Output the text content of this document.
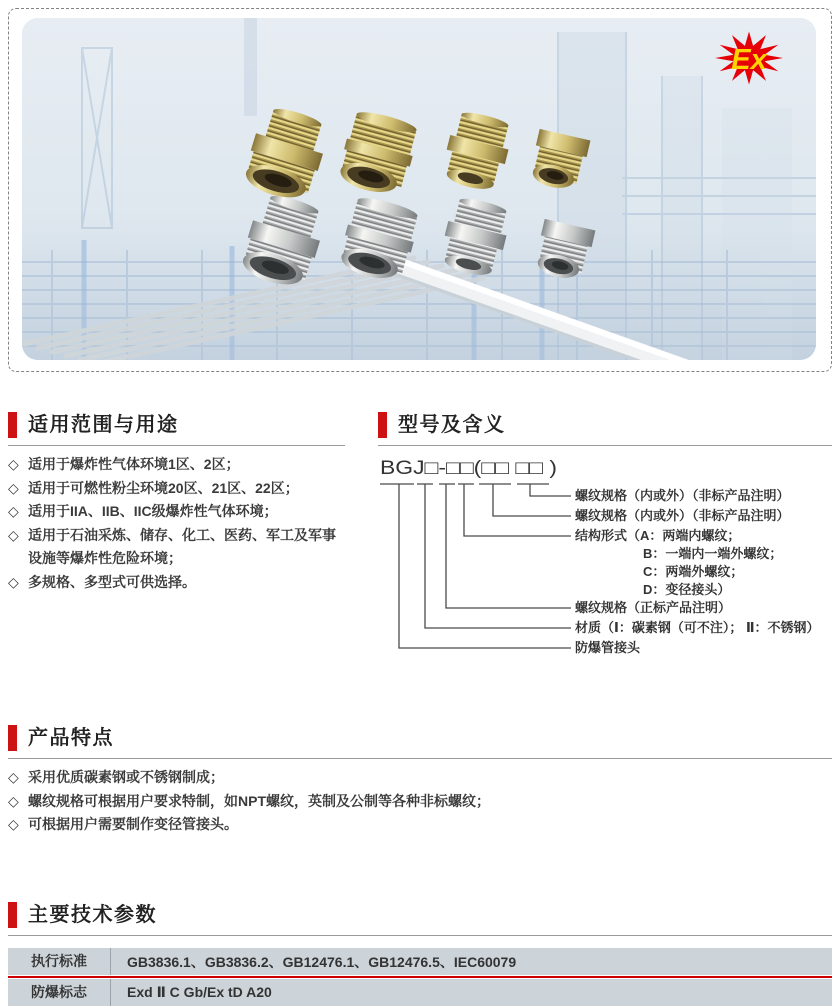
Ex
适用范围与用途
◇ 适用于爆炸性气体环境1区、2区；
◇ 适用于可燃性粉尘环境20区、21区、22区；
◇ 适用于IIA、IIB、IIC级爆炸性气体环境；
◇ 适用于石油采炼、储存、化工、医药、军工及军事
设施等爆炸性危险环境；
◇ 多规格、多型式可供选择。
型号及含义
BGJ□-□□(□□ □□ )
螺纹规格（内或外）（非标产品注明）
螺纹规格（内或外）（非标产品注明）
结构形式（A：两端内螺纹；
B：一端内一端外螺纹；
C：两端外螺纹；
D：变径接头）
螺纹规格（正标产品注明）
材质（Ⅰ：碳素钢（可不注）； Ⅱ：不锈钢）
防爆管接头
产品特点
◇ 采用优质碳素钢或不锈钢制成；
◇ 螺纹规格可根据用户要求特制，如NPT螺纹，英制及公制等各种非标螺纹；
◇ 可根据用户需要制作变径管接头。
主要技术参数
执行标准	GB3836.1、GB3836.2、GB12476.1、GB12476.5、IEC60079
防爆标志	Exd Ⅱ C Gb/Ex tD A20
